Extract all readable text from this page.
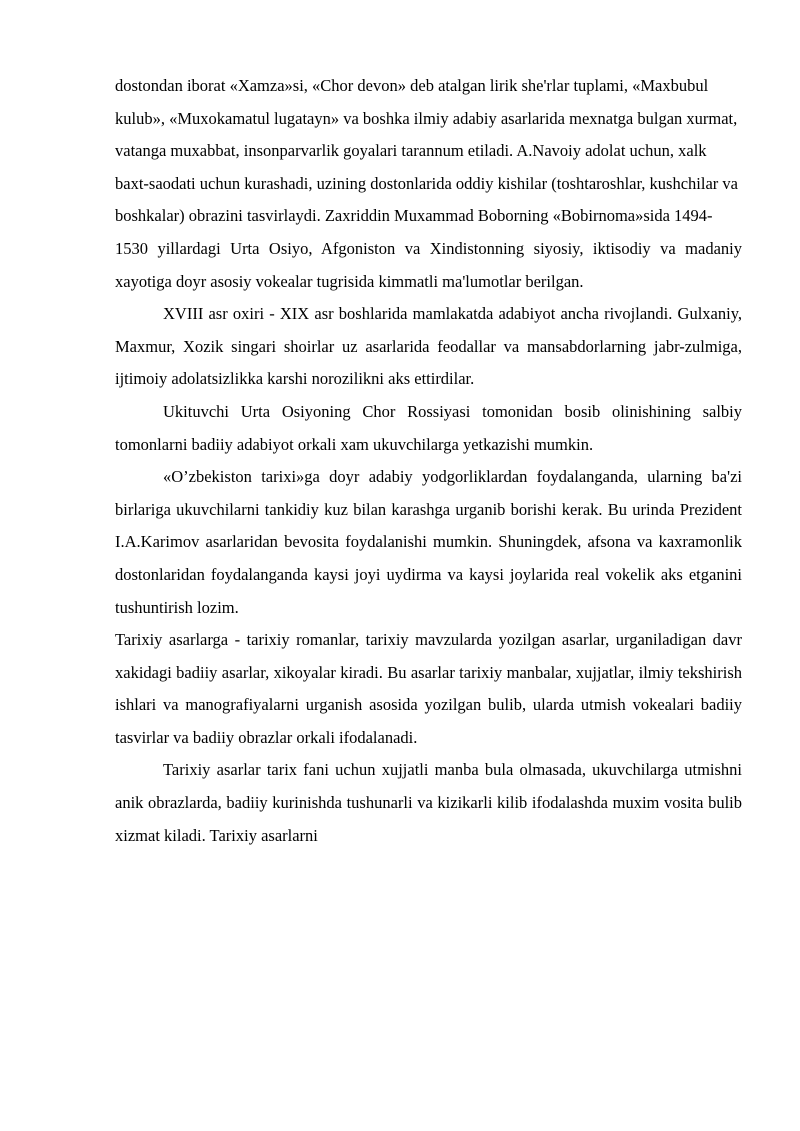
dostondan iborat «Xamza»si, «Chor devon» deb atalgan lirik she'rlar tuplami, «Maxbubul kulub», «Muxokamatul lugatayn» va boshka ilmiy adabiy asarlarida mexnatga bulgan xurmat, vatanga muxabbat, insonparvarlik goyalari tarannum etiladi. A.Navoiy adolat uchun, xalk baxt-saodati uchun kurashadi, uzining dostonlarida oddiy kishilar (toshtaroshlar, kushchilar va boshkalar) obrazini tasvirlaydi. Zaxriddin Muxammad Boborning «Bobirnoma»sida 1494-

1530 yillardagi Urta Osiyo, Afgoniston va Xindistonning siyosiy, iktisodiy va madaniy xayotiga doyr asosiy vokealar tugrisida kimmatli ma'lumotlar berilgan.

XVIII asr oxiri - XIX asr boshlarida mamlakatda adabiyot ancha rivojlandi. Gulxaniy, Maxmur, Xozik singari shoirlar uz asarlarida feodallar va mansabdorlarning jabr-zulmiga, ijtimoiy adolatsizlikka karshi norozilikni aks ettirdilar.

Ukituvchi Urta Osiyoning Chor Rossiyasi tomonidan bosib olinishining salbiy tomonlarni badiiy adabiyot orkali xam ukuvchilarga yetkazishi mumkin.

«O’zbekiston tarixi»ga doyr adabiy yodgorliklardan foydalanganda, ularning ba'zi birlariga ukuvchilarni tankidiy kuz bilan karashga urganib borishi kerak. Bu urinda Prezident I.A.Karimov asarlaridan bevosita foydalanishi mumkin. Shuningdek, afsona va kaxramonlik dostonlaridan foydalanganda kaysi joyi uydirma va kaysi joylarida real vokelik aks etganini tushuntirish lozim.

Tarixiy asarlarga - tarixiy romanlar, tarixiy mavzularda yozilgan asarlar, urganiladigan davr xakidagi badiiy asarlar, xikoyalar kiradi. Bu asarlar tarixiy manbalar, xujjatlar, ilmiy tekshirish ishlari va manografiyalarni urganish asosida yozilgan bulib, ularda utmish vokealari badiiy tasvirlar va badiiy obrazlar orkali ifodalanadi.

Tarixiy asarlar tarix fani uchun xujjatli manba bula olmasada, ukuvchilarga utmishni anik obrazlarda, badiiy kurinishda tushunarli va kizikarli kilib ifodalashda muxim vosita bulib xizmat kiladi. Tarixiy asarlarni
